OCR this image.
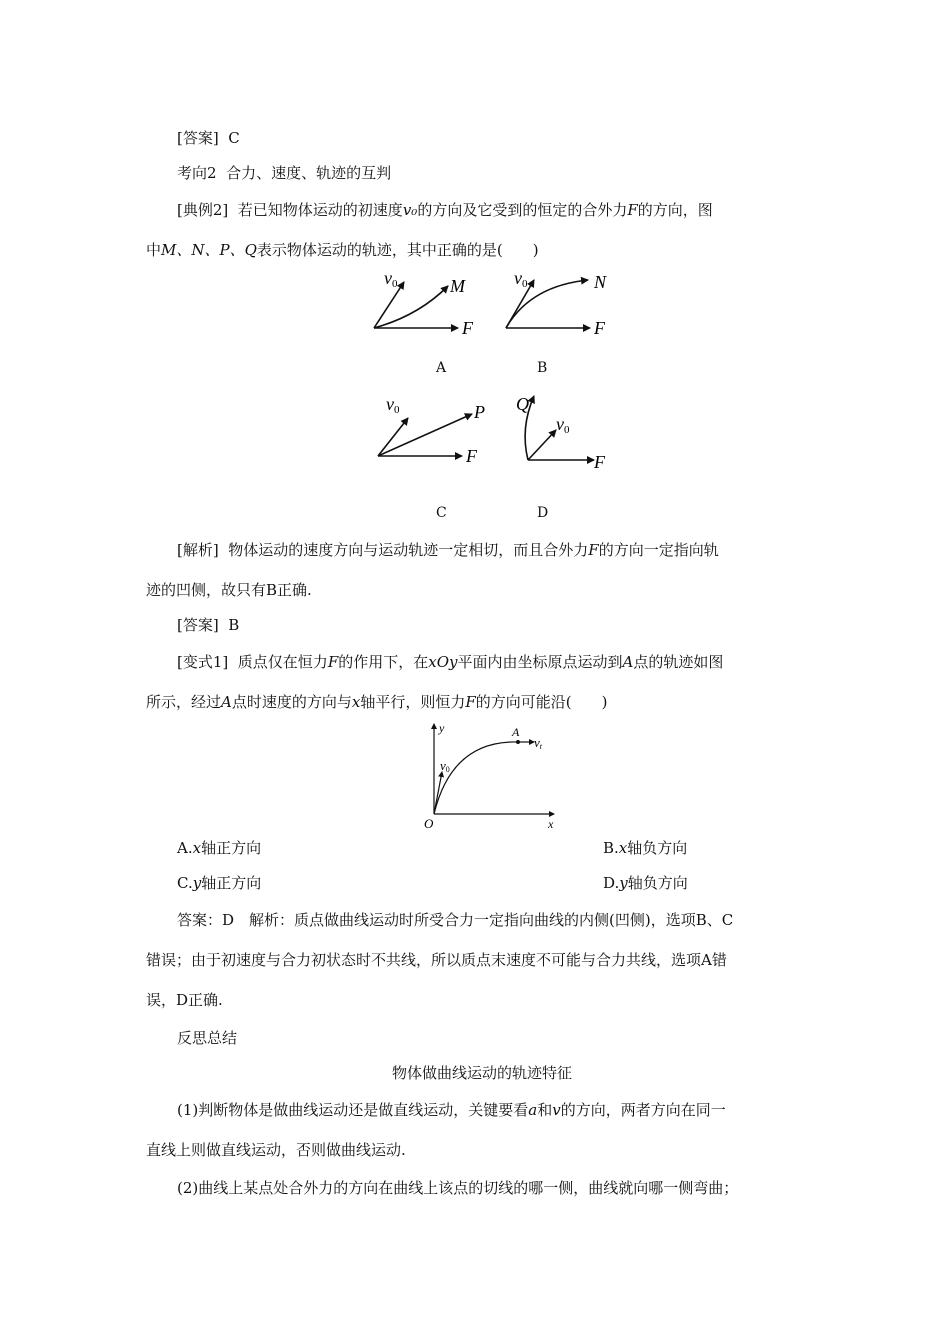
[答案] C
考向2 合力、速度、轨迹的互判
[典例2] 若已知物体运动的初速度v₀的方向及它受到的恒定的合外力F的方向，图
中M、N、P、Q表示物体运动的轨迹，其中正确的是(　　)
v0	M
F
v0	N
F
A	B
v0	P
F
Q
v0
F
C	D
[解析] 物体运动的速度方向与运动轨迹一定相切，而且合外力F的方向一定指向轨
迹的凹侧，故只有B正确.
[答案] B
[变式1] 质点仅在恒力F的作用下，在xOy平面内由坐标原点运动到A点的轨迹如图
所示，经过A点时速度的方向与x轴平行，则恒力F的方向可能沿(　　)
y
x
O
A
v0
vt
A.x轴正方向	B.x轴负方向
C.y轴正方向	D.y轴负方向
答案：D　解析：质点做曲线运动时所受合力一定指向曲线的内侧(凹侧)，选项B、C
错误；由于初速度与合力初状态时不共线，所以质点末速度不可能与合力共线，选项A错
误，D正确.
反思总结
物体做曲线运动的轨迹特征
(1)判断物体是做曲线运动还是做直线运动，关键要看a和v的方向，两者方向在同一
直线上则做直线运动，否则做曲线运动.
(2)曲线上某点处合外力的方向在曲线上该点的切线的哪一侧，曲线就向哪一侧弯曲；
